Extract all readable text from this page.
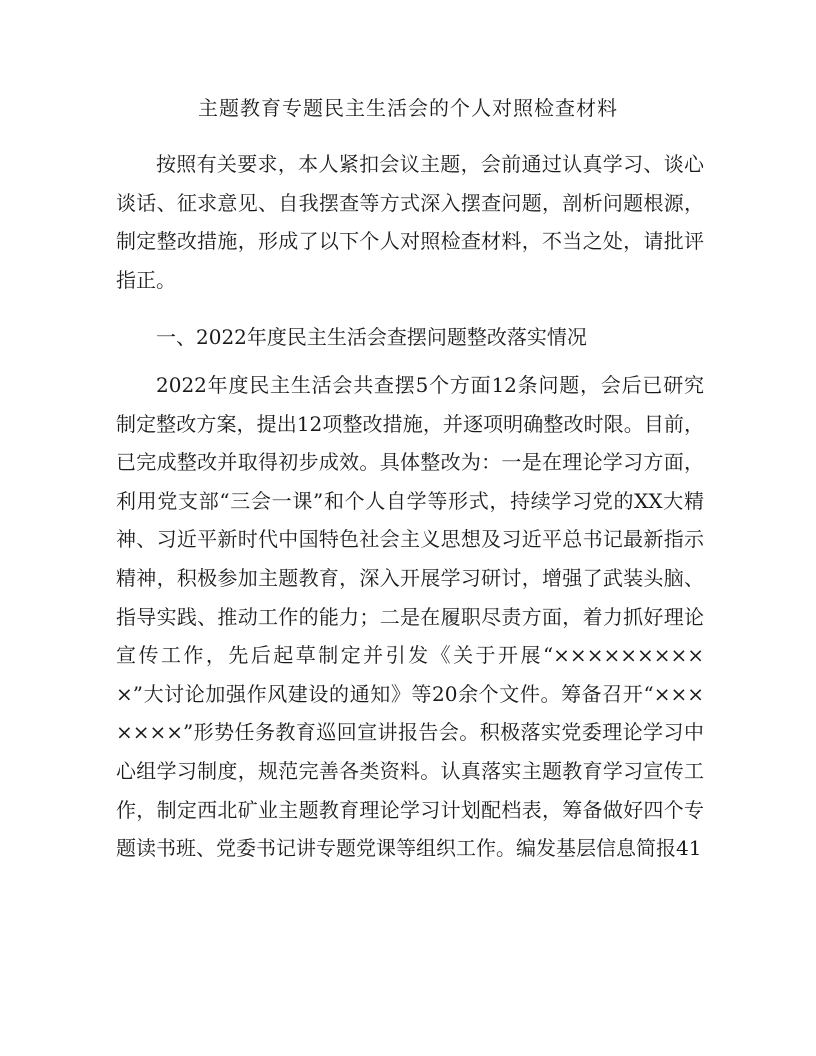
主题教育专题民主生活会的个人对照检查材料

按照有关要求，本人紧扣会议主题，会前通过认真学习、谈心谈话、征求意见、自我摆查等方式深入摆查问题，剖析问题根源，制定整改措施，形成了以下个人对照检查材料，不当之处，请批评指正。

一、2022年度民主生活会查摆问题整改落实情况

2022年度民主生活会共查摆5个方面12条问题，会后已研究制定整改方案，提出12项整改措施，并逐项明确整改时限。目前，已完成整改并取得初步成效。具体整改为：一是在理论学习方面，利用党支部“三会一课”和个人自学等形式，持续学习党的XX大精神、习近平新时代中国特色社会主义思想及习近平总书记最新指示精神，积极参加主题教育，深入开展学习研讨，增强了武装头脑、指导实践、推动工作的能力；二是在履职尽责方面，着力抓好理论宣传工作，先后起草制定并引发《关于开展“××××××××××”大讨论加强作风建设的通知》等20余个文件。筹备召开“×××××××”形势任务教育巡回宣讲报告会。积极落实党委理论学习中心组学习制度，规范完善各类资料。认真落实主题教育学习宣传工作，制定西北矿业主题教育理论学习计划配档表，筹备做好四个专题读书班、党委书记讲专题党课等组织工作。编发基层信息简报41
